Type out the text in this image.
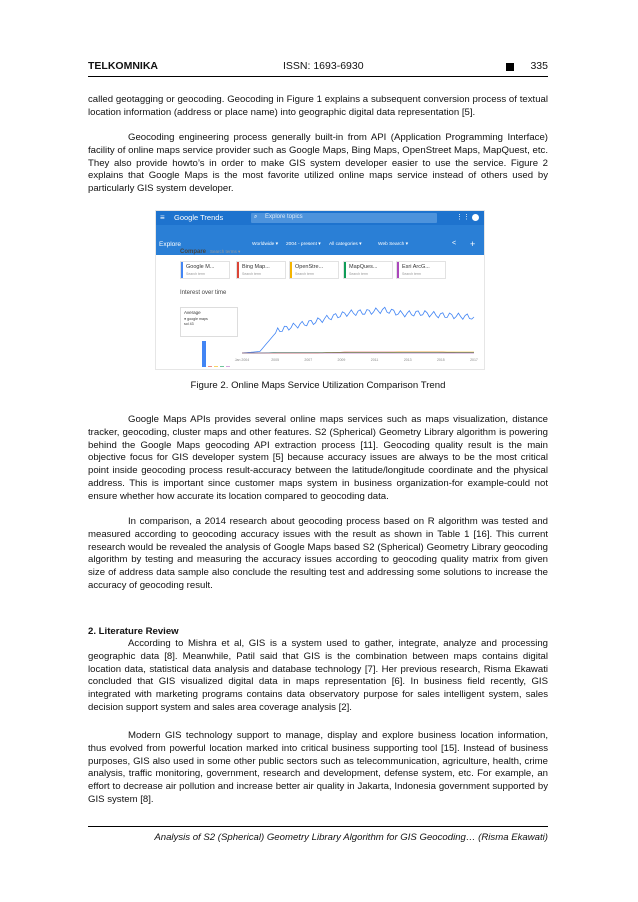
TELKOMNIKA	ISSN: 1693-6930	335

called geotagging or geocoding. Geocoding in Figure 1 explains a subsequent conversion process of textual location information (address or place name) into geographic digital data representation [5].

Geocoding engineering process generally built-in from API (Application Programming Interface) facility of online maps service provider such as Google Maps, Bing Maps, OpenStreet Maps, MapQuest, etc. They also provide howto’s in order to make GIS system developer easier to use the service. Figure 2 explains that Google Maps is the most favorite utilized online maps service instead of others used by particularly GIS system developer.

≡ Google Trends	⌕ Explore topics	⋮⋮
Explore	Worldwide ▾ 2004 - present ▾ All categories ▾	Web Search ▾	< +
Compare Search terms ▾
Google M...
Search term
Bing Map...
Search term
OpenStre...
Search term
MapQues...
Search term
Esri ArcG...
Search term
Interest over time
Average
● google maps
sol 43
Jan 2004	2005	2007	2009	2011	2013	2015	2017
Figure 2. Online Maps Service Utilization Comparison Trend

Google Maps APIs provides several online maps services such as maps visualization, distance tracker, geocoding, cluster maps and other features. S2 (Spherical) Geometry Library algorithm is powering behind the Google Maps geocoding API extraction process [11]. Geocoding quality result is the main objective focus for GIS developer system [5] because accuracy issues are always to be the most critical point inside geocoding process result-accuracy between the latitude/longitude coordinate and the physical address. This is important since customer maps system in business organization-for example-could not ensure whether how accurate its location compared to geocoding data.

In comparison, a 2014 research about geocoding process based on R algorithm was tested and measured according to geocoding accuracy issues with the result as shown in Table 1 [16]. This current research would be revealed the analysis of Google Maps based S2 (Spherical) Geometry Library geocoding algorithm by testing and measuring the accuracy issues according to geocoding quality matrix from given size of address data sample also conclude the resulting test and addressing some solutions to increase the accuracy of geocoding result.

2. Literature Review

According to Mishra et al, GIS is a system used to gather, integrate, analyze and processing geographic data [8]. Meanwhile, Patil said that GIS is the combination between maps contains digital location data, statistical data analysis and database technology [7]. Her previous research, Risma Ekawati concluded that GIS visualized digital data in maps representation [6]. In business field recently, GIS integrated with marketing programs contains data observatory purpose for sales intelligent system, sales decision support system and sales area coverage analysis [2].

Modern GIS technology support to manage, display and explore business location information, thus evolved from powerful location marked into critical business supporting tool [15]. Instead of business purposes, GIS also used in some other public sectors such as telecommunication, agriculture, health, crime analysis, traffic monitoring, government, research and development, defense system, etc. For example, an effort to decrease air pollution and increase better air quality in Jakarta, Indonesia government supported by GIS system [8].

Analysis of S2 (Spherical) Geometry Library Algorithm for GIS Geocoding… (Risma Ekawati)
